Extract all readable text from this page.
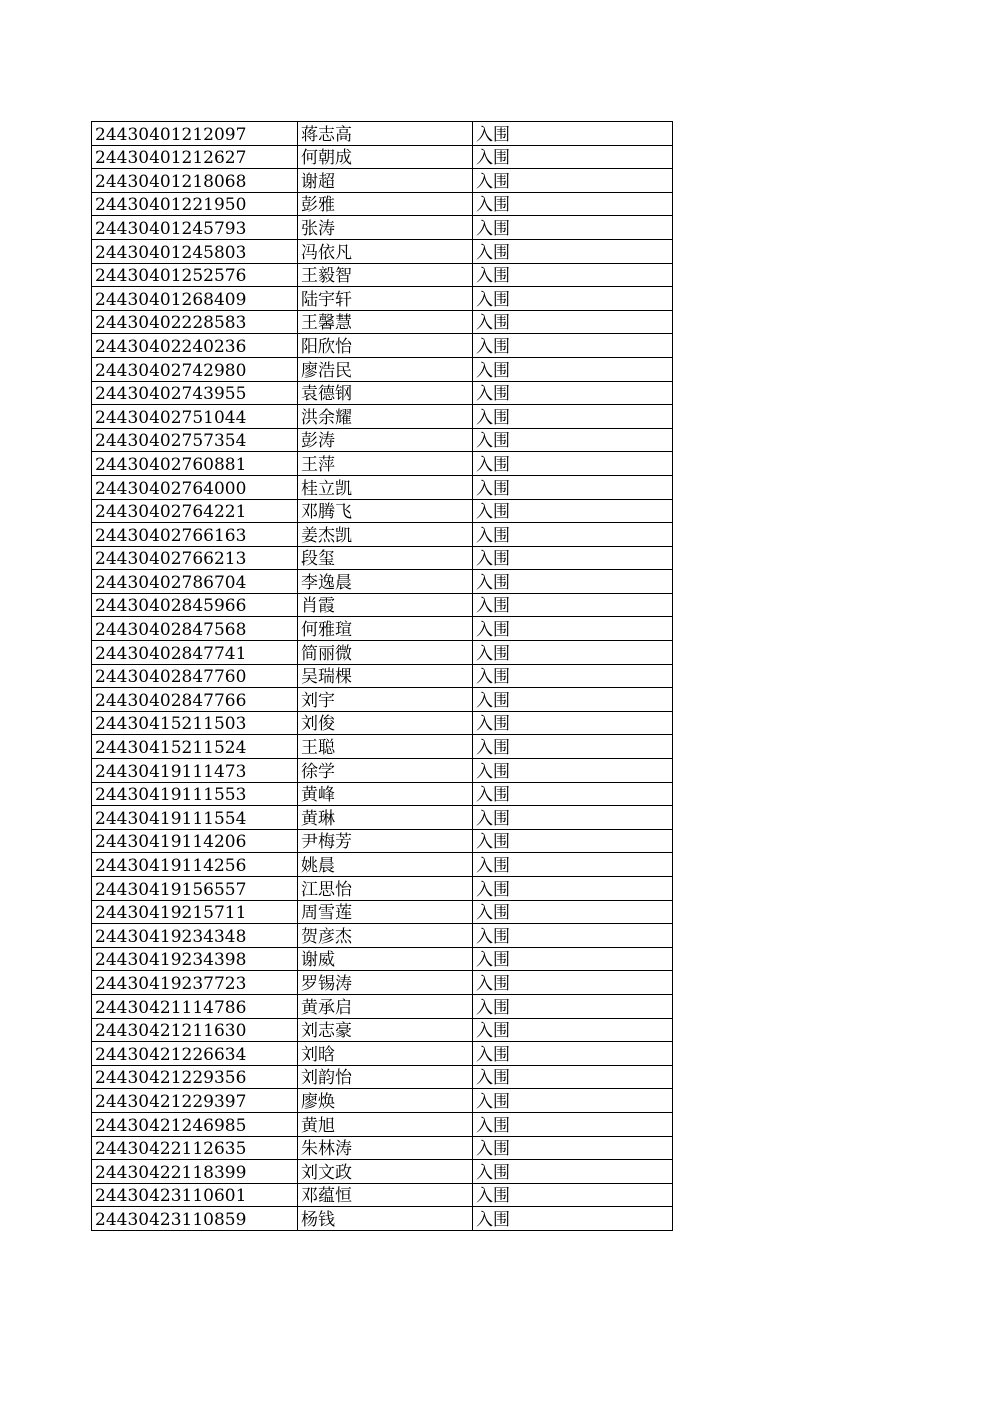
24430401212097	蒋志高	入围
24430401212627	何朝成	入围
24430401218068	谢超	入围
24430401221950	彭雅	入围
24430401245793	张涛	入围
24430401245803	冯依凡	入围
24430401252576	王毅智	入围
24430401268409	陆宇轩	入围
24430402228583	王馨慧	入围
24430402240236	阳欣怡	入围
24430402742980	廖浩民	入围
24430402743955	袁德钢	入围
24430402751044	洪余耀	入围
24430402757354	彭涛	入围
24430402760881	王萍	入围
24430402764000	桂立凯	入围
24430402764221	邓腾飞	入围
24430402766163	姜杰凯	入围
24430402766213	段玺	入围
24430402786704	李逸晨	入围
24430402845966	肖霞	入围
24430402847568	何雅瑄	入围
24430402847741	简丽微	入围
24430402847760	吴瑞棵	入围
24430402847766	刘宇	入围
24430415211503	刘俊	入围
24430415211524	王聪	入围
24430419111473	徐学	入围
24430419111553	黄峰	入围
24430419111554	黄琳	入围
24430419114206	尹梅芳	入围
24430419114256	姚晨	入围
24430419156557	江思怡	入围
24430419215711	周雪莲	入围
24430419234348	贺彦杰	入围
24430419234398	谢威	入围
24430419237723	罗锡涛	入围
24430421114786	黄承启	入围
24430421211630	刘志豪	入围
24430421226634	刘晗	入围
24430421229356	刘韵怡	入围
24430421229397	廖焕	入围
24430421246985	黄旭	入围
24430422112635	朱林涛	入围
24430422118399	刘文政	入围
24430423110601	邓蕴恒	入围
24430423110859	杨钱	入围
